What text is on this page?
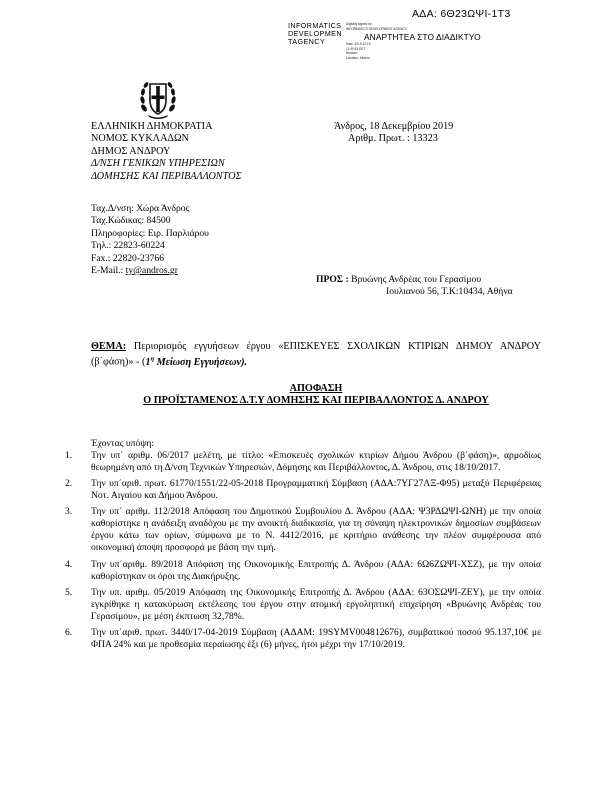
ΑΔΑ: 6Θ23ΩΨΙ-1Τ3
INFORMATICS
DEVELOPMEN
TAGENCY
Digitally signed by
INFORMATICS DEVELOPMENT AGENCY
ΑΝΑΡΤΗΤΕΑ ΣΤΟ ΔΙΑΔΙΚΤΥΟ
Date: 2019.12.19
11:40:53 EET
Reason:
Location: Athens
ΕΛΛΗΝΙΚΗ ΔΗΜΟΚΡΑΤΙΑ
ΝΟΜΟΣ ΚΥΚΛΑΔΩΝ
ΔΗΜΟΣ ΑΝΔΡΟΥ
Δ/ΝΣΗ ΓΕΝΙΚΩΝ ΥΠΗΡΕΣΙΩΝ
ΔΟΜΗΣΗΣ ΚΑΙ ΠΕΡΙΒΑΛΛΟΝΤΟΣ
Άνδρος, 18 Δεκεμβρίου 2019
Αριθμ. Πρωτ. : 13323
Ταχ.Δ/νση: Χώρα Άνδρος
Ταχ.Κώδικας: 84500
Πληροφορίες: Ειρ. Παρλιάρου
Τηλ.: 22823-60224
Fax.: 22820-23766
E-Mail.: ty@andros.gr
ΠΡΟΣ : Βρυώνης Ανδρέας του Γερασίμου
Ιουλιανού 56, Τ.Κ:10434, Αθήνα
ΘΕΜΑ: Περιορισμός εγγυήσεων έργου «ΕΠΙΣΚΕΥΕΣ ΣΧΟΛΙΚΩΝ ΚΤΙΡΙΩΝ ΔΗΜΟΥ ΑΝΔΡΟΥ (β΄φάση)» - ($1^\eta$ Μείωση Εγγυήσεων).
ΑΠΟΦΑΣΗ
Ο ΠΡΟΪΣΤΑΜΕΝΟΣ Δ.Τ.Υ ΔΟΜΗΣΗΣ ΚΑΙ ΠΕΡΙΒΑΛΛΟΝΤΟΣ Δ. ΑΝΔΡΟΥ
Έχοντας υπόψη:
1. Την υπ΄ αριθμ. 06/2017 μελέτη, με τίτλο: «Επισκευές σχολικών κτιρίων Δήμου Άνδρου (β΄φάση)», αρμοδίως θεωρημένη από τη Δ/νση Τεχνικών Υπηρεσιών, Δόμησης και Περιβάλλοντος, Δ. Άνδρου, στις 18/10/2017.
2. Την υπ΄αριθ. πρωτ. 61770/1551/22-05-2018 Προγραμματική Σύμβαση (ΑΔΑ:7ΥΓ27ΛΞ-Φ95) μεταξύ Περιφέρειας Νοτ. Αιγαίου και Δήμου Άνδρου.
3. Την υπ΄ αριθμ. 112/2018 Απόφαση του Δημοτικού Συμβουλίου Δ. Άνδρου (ΑΔΑ: Ψ3ΡΔΩΨΙ-ΩΝΗ) με την οποία καθορίστηκε η ανάδειξη αναδόχου με την ανοικτή διαδικασία, για τη σύναψη ηλεκτρονικών δημοσίων συμβάσεων έργου κάτω των ορίων, σύμφωνα με το Ν. 4412/2016, με κριτήριο ανάθεσης την πλέον συμφέρουσα από οικονομική άποψη προσφορά με βάση την τιμή.
4. Την υπ΄αριθμ. 89/2018 Απόφαση της Οικονομικής Επιτροπής Δ. Άνδρου (ΑΔΑ: 6Ω6ΖΩΨΙ-ΧΣΖ), με την οποία καθορίστηκαν οι όροι της Διακήρυξης.
5. Την υπ. αριθμ. 05/2019 Απόφαση της Οικονομικής Επιτροπής Δ. Άνδρου (ΑΔΑ: 63ΟΣΩΨΙ-ΖΕΥ), με την οποία εγκρίθηκε η κατακύρωση εκτέλεσης του έργου στην ατομική εργοληπτική επιχείρηση «Βρυώνης Ανδρέας του Γερασίμου», με μέση έκπτωση 32,78%.
6. Την υπ΄αριθ. πρωτ. 3440/17-04-2019 Σύμβαση (ΑΔΑΜ: 19SYMV004812676), συμβατικού ποσού 95.137,10€ με ΦΠΑ 24% και με προθεσμία περαίωσης έξι (6) μήνες, ήτοι μέχρι την 17/10/2019.
